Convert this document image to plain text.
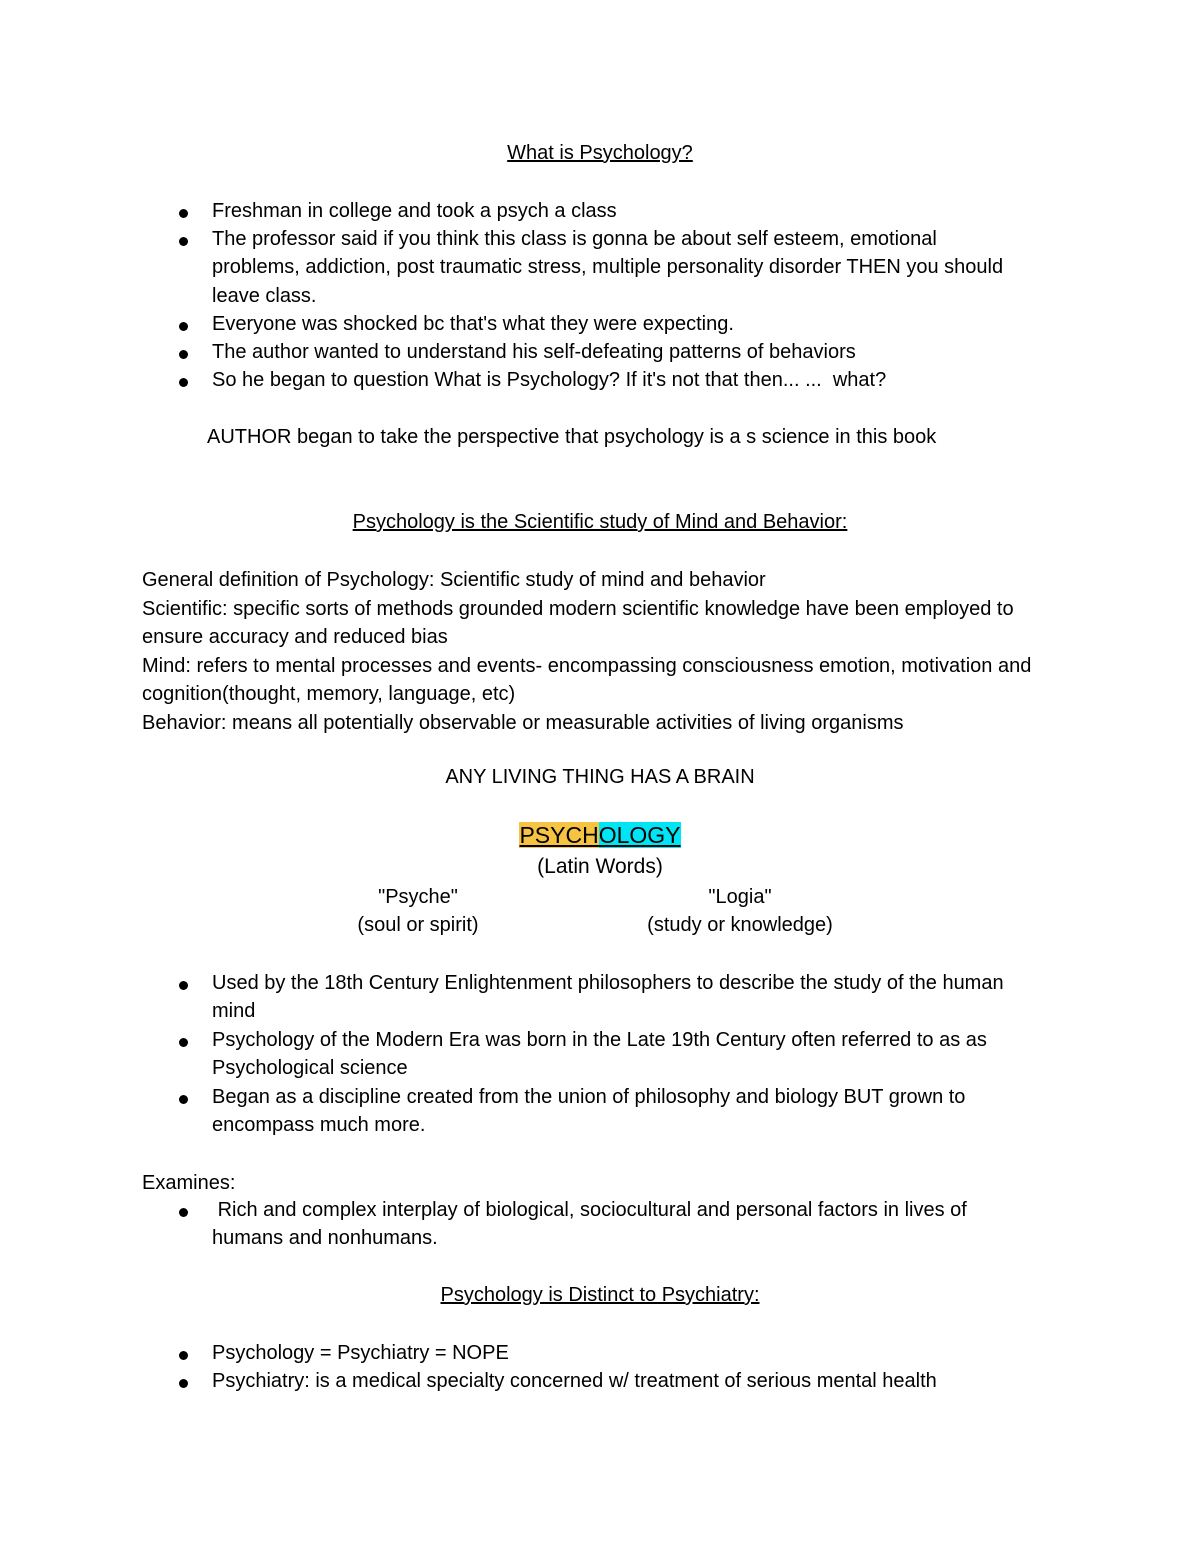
What is Psychology?
Freshman in college and took a psych a class
The professor said if you think this class is gonna be about self esteem, emotional problems, addiction, post traumatic stress, multiple personality disorder THEN you should leave class.
Everyone was shocked bc that's what they were expecting.
The author wanted to understand his self-defeating patterns of behaviors
So he began to question What is Psychology? If it's not that then... ...  what?
AUTHOR began to take the perspective that psychology is a s science in this book
Psychology is the Scientific study of Mind and Behavior:
General definition of Psychology: Scientific study of mind and behavior
Scientific: specific sorts of methods grounded modern scientific knowledge have been employed to ensure accuracy and reduced bias
Mind: refers to mental processes and events- encompassing consciousness emotion, motivation and cognition(thought, memory, language, etc)
Behavior: means all potentially observable or measurable activities of living organisms
ANY LIVING THING HAS A BRAIN
PSYCHOLOGY
(Latin Words)
"Psyche"
(soul or spirit)
"Logia"
(study or knowledge)
Used by the 18th Century Enlightenment philosophers to describe the study of the human mind
Psychology of the Modern Era was born in the Late 19th Century often referred to as as Psychological science
Began as a discipline created from the union of philosophy and biology BUT grown to encompass much more.
Examines:
Rich and complex interplay of biological, sociocultural and personal factors in lives of humans and nonhumans.
Psychology is Distinct to Psychiatry:
Psychology = Psychiatry = NOPE
Psychiatry: is a medical specialty concerned w/ treatment of serious mental health
